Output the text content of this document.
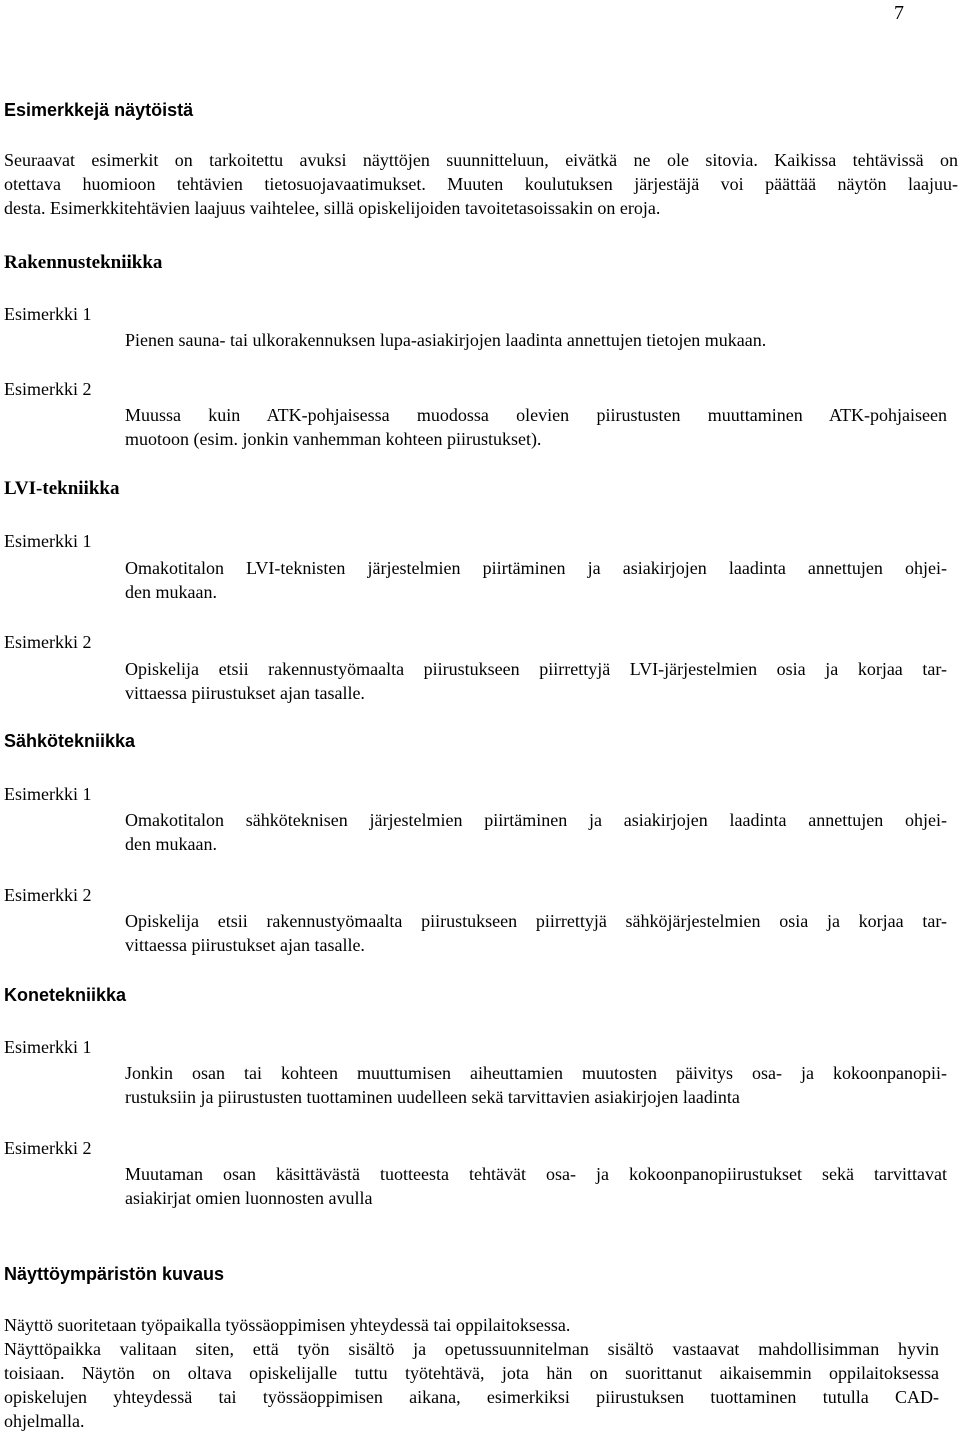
7
Esimerkkejä näytöistä
Seuraavat esimerkit on tarkoitettu avuksi näyttöjen suunnitteluun, eivätkä ne ole sitovia. Kaikissa tehtävissä on
otettava huomioon tehtävien tietosuojavaatimukset. Muuten koulutuksen järjestäjä voi päättää näytön laajuu-
desta. Esimerkkitehtävien laajuus vaihtelee, sillä opiskelijoiden tavoitetasoissakin on eroja.
Rakennustekniikka
Esimerkki 1
Pienen sauna- tai ulkorakennuksen lupa-asiakirjojen laadinta annettujen tietojen mukaan.
Esimerkki 2
Muussa kuin ATK-pohjaisessa muodossa olevien piirustusten muuttaminen ATK-pohjaiseen
muotoon (esim. jonkin vanhemman kohteen piirustukset).
LVI-tekniikka
Esimerkki 1
Omakotitalon LVI-teknisten järjestelmien piirtäminen ja asiakirjojen laadinta annettujen ohjei-
den mukaan.
Esimerkki 2
Opiskelija etsii rakennustyömaalta piirustukseen piirrettyjä LVI-järjestelmien osia ja korjaa tar-
vittaessa piirustukset ajan tasalle.
Sähkötekniikka
Esimerkki 1
Omakotitalon sähköteknisen järjestelmien piirtäminen ja asiakirjojen laadinta annettujen ohjei-
den mukaan.
Esimerkki 2
Opiskelija etsii rakennustyömaalta piirustukseen piirrettyjä sähköjärjestelmien osia ja korjaa tar-
vittaessa piirustukset ajan tasalle.
Konetekniikka
Esimerkki 1
Jonkin osan tai kohteen muuttumisen aiheuttamien muutosten päivitys osa- ja kokoonpanopii-
rustuksiin ja piirustusten tuottaminen uudelleen sekä tarvittavien asiakirjojen laadinta
Esimerkki 2
Muutaman osan käsittävästä tuotteesta tehtävät osa- ja kokoonpanopiirustukset sekä tarvittavat
asiakirjat omien luonnosten avulla
Näyttöympäristön kuvaus
Näyttö suoritetaan työpaikalla työssäoppimisen yhteydessä tai oppilaitoksessa.
Näyttöpaikka valitaan siten, että työn sisältö ja opetussuunnitelman sisältö vastaavat mahdollisimman hyvin
toisiaan. Näytön on oltava opiskelijalle tuttu työtehtävä, jota hän on suorittanut aikaisemmin oppilaitoksessa
opiskelujen yhteydessä tai työssäoppimisen aikana, esimerkiksi piirustuksen tuottaminen tutulla CAD-
ohjelmalla.
